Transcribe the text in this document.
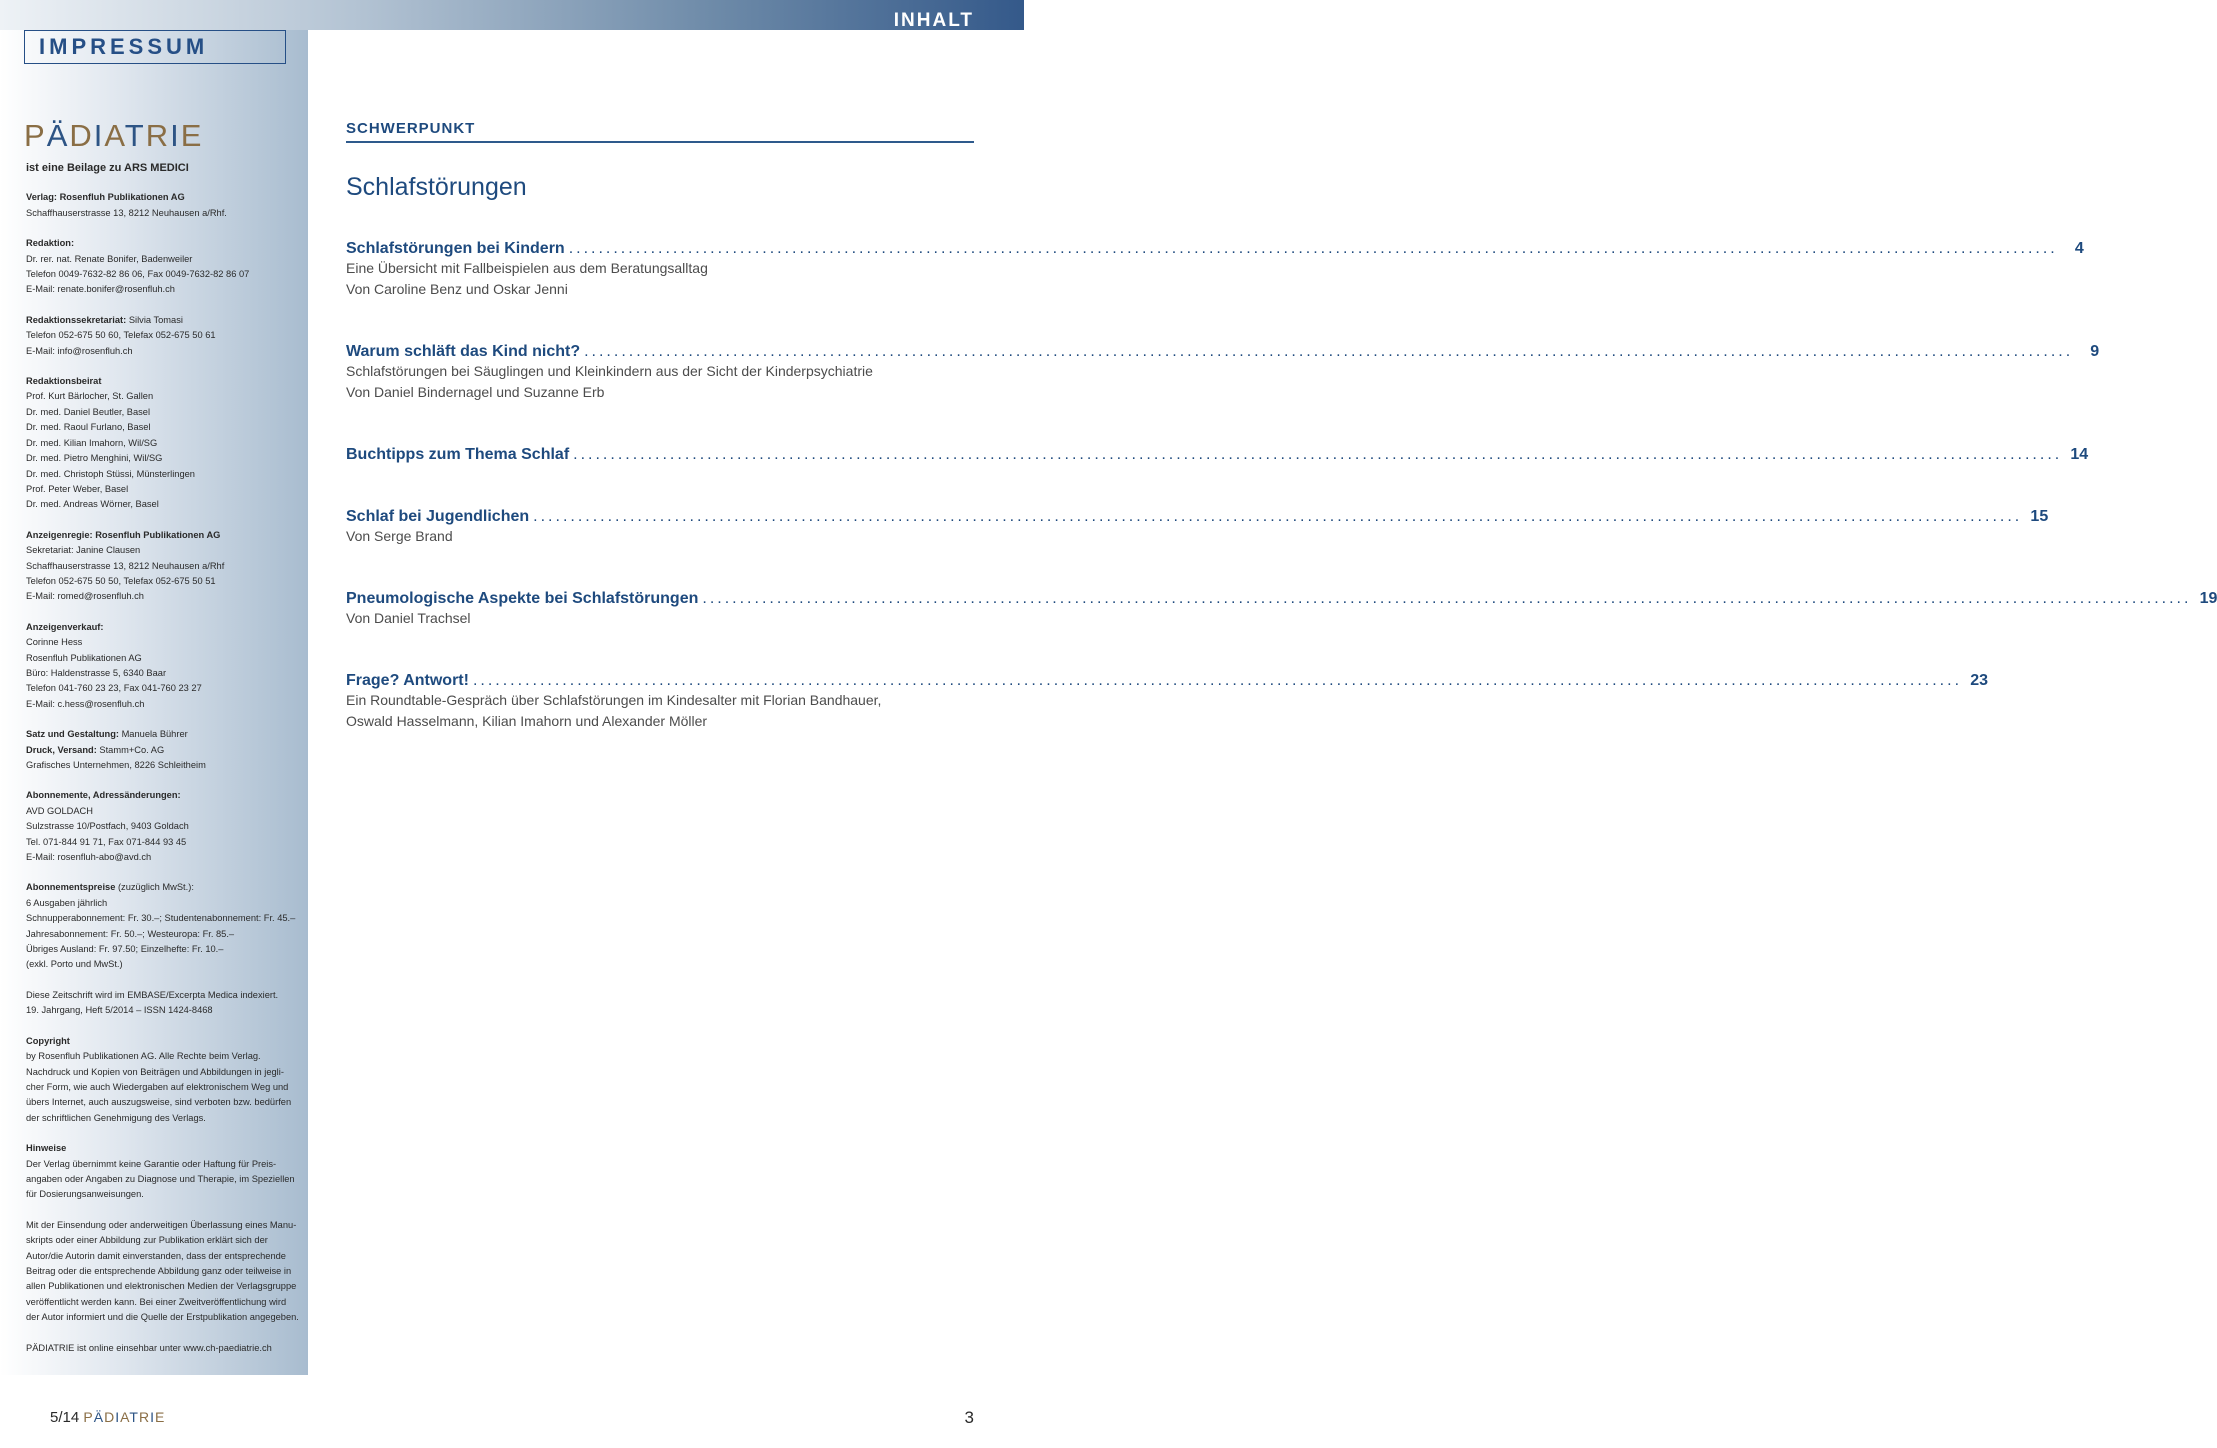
INHALT
IMPRESSUM
PÄDIATRIE
ist eine Beilage zu ARS MEDICI
Verlag: Rosenfluh Publikationen AG
Schaffhauserstrasse 13, 8212 Neuhausen a/Rhf.
Redaktion:
Dr. rer. nat. Renate Bonifer, Badenweiler
Telefon 0049-7632-82 86 06, Fax 0049-7632-82 86 07
E-Mail: renate.bonifer@rosenfluh.ch
Redaktionssekretariat: Silvia Tomasi
Telefon 052-675 50 60, Telefax 052-675 50 61
E-Mail: info@rosenfluh.ch
Redaktionsbeirat
Prof. Kurt Bärlocher, St. Gallen
Dr. med. Daniel Beutler, Basel
Dr. med. Raoul Furlano, Basel
Dr. med. Kilian Imahorn, Wil/SG
Dr. med. Pietro Menghini, Wil/SG
Dr. med. Christoph Stüssi, Münsterlingen
Prof. Peter Weber, Basel
Dr. med. Andreas Wörner, Basel
Anzeigenregie: Rosenfluh Publikationen AG
Sekretariat: Janine Clausen
Schaffhauserstrasse 13, 8212 Neuhausen a/Rhf
Telefon 052-675 50 50, Telefax 052-675 50 51
E-Mail: romed@rosenfluh.ch
Anzeigenverkauf:
Corinne Hess
Rosenfluh Publikationen AG
Büro: Haldenstrasse 5, 6340 Baar
Telefon 041-760 23 23, Fax 041-760 23 27
E-Mail: c.hess@rosenfluh.ch
Satz und Gestaltung: Manuela Bührer
Druck, Versand: Stamm+Co. AG
Grafisches Unternehmen, 8226 Schleitheim
Abonnemente, Adressänderungen:
AVD GOLDACH
Sulzstrasse 10/Postfach, 9403 Goldach
Tel. 071-844 91 71, Fax 071-844 93 45
E-Mail: rosenfluh-abo@avd.ch
Abonnementspreise (zuzüglich MwSt.):
6 Ausgaben jährlich
Schnupperabonnement: Fr. 30.–; Studentenabonnement: Fr. 45.–
Jahresabonnement: Fr. 50.–; Westeuropa: Fr. 85.–
Übriges Ausland: Fr. 97.50; Einzelhefte: Fr. 10.–
(exkl. Porto und MwSt.)
Diese Zeitschrift wird im EMBASE/Excerpta Medica indexiert.
19. Jahrgang, Heft 5/2014 – ISSN 1424-8468
Copyright
by Rosenfluh Publikationen AG. Alle Rechte beim Verlag.
Nachdruck und Kopien von Beiträgen und Abbildungen in jegli-
cher Form, wie auch Wiedergaben auf elektronischem Weg und
übers Internet, auch auszugsweise, sind verboten bzw. bedürfen
der schriftlichen Genehmigung des Verlags.
Hinweise
Der Verlag übernimmt keine Garantie oder Haftung für Preis-
angaben oder Angaben zu Diagnose und Therapie, im Speziellen
für Dosierungsanweisungen.
Mit der Einsendung oder anderweitigen Überlassung eines Manu-
skripts oder einer Abbildung zur Publikation erklärt sich der
Autor/die Autorin damit einverstanden, dass der entsprechende
Beitrag oder die entsprechende Abbildung ganz oder teilweise in
allen Publikationen und elektronischen Medien der Verlagsgruppe
veröffentlicht werden kann. Bei einer Zweitveröffentlichung wird
der Autor informiert und die Quelle der Erstpublikation angegeben.
PÄDIATRIE ist online einsehbar unter www.ch-paediatrie.ch
SCHWERPUNKT
Schlafstörungen
Schlafstörungen bei Kindern ........................................................................................................................................................................................................	4
Eine Übersicht mit Fallbeispielen aus dem Beratungsalltag
Von Caroline Benz und Oskar Jenni
Warum schläft das Kind nicht? ........................................................................................................................................................................................................	9
Schlafstörungen bei Säuglingen und Kleinkindern aus der Sicht der Kinderpsychiatrie
Von Daniel Bindernagel und Suzanne Erb
Buchtipps zum Thema Schlaf ........................................................................................................................................................................................................ 14
Schlaf bei Jugendlichen ........................................................................................................................................................................................................ 15
Von Serge Brand
Pneumologische Aspekte bei Schlafstörungen ........................................................................................................................................................................................................ 19
Von Daniel Trachsel
Frage? Antwort! ........................................................................................................................................................................................................ 23
Ein Roundtable-Gespräch über Schlafstörungen im Kindesalter mit Florian Bandhauer,
Oswald Hasselmann, Kilian Imahorn und Alexander Möller
5/14 PÄDIATRIE	3
